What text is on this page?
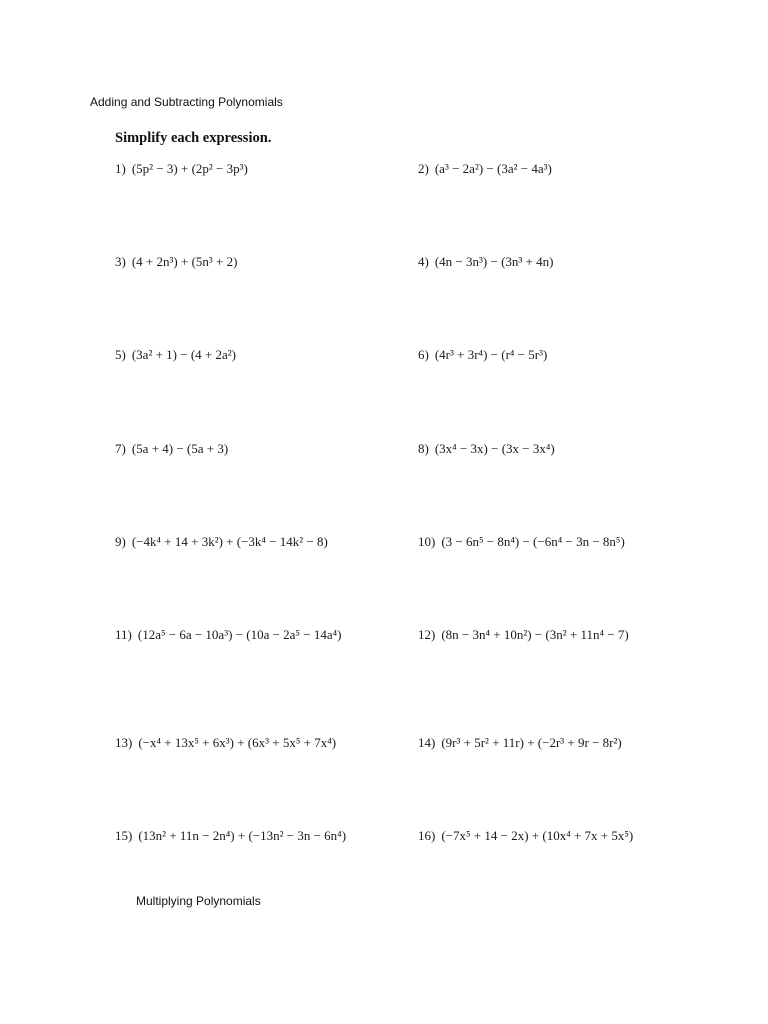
Adding and Subtracting Polynomials
Simplify each expression.
1) (5p² − 3) + (2p² − 3p³)	2) (a³ − 2a²) − (3a² − 4a³)
3) (4 + 2n³) + (5n³ + 2)	4) (4n − 3n³) − (3n³ + 4n)
5) (3a² + 1) − (4 + 2a²)	6) (4r³ + 3r⁴) − (r⁴ − 5r³)
7) (5a + 4) − (5a + 3)	8) (3x⁴ − 3x) − (3x − 3x⁴)
9) (−4k⁴ + 14 + 3k²) + (−3k⁴ − 14k² − 8)	10) (3 − 6n⁵ − 8n⁴) − (−6n⁴ − 3n − 8n⁵)
11) (12a⁵ − 6a − 10a³) − (10a − 2a⁵ − 14a⁴)	12) (8n − 3n⁴ + 10n²) − (3n² + 11n⁴ − 7)
13) (−x⁴ + 13x⁵ + 6x³) + (6x³ + 5x⁵ + 7x⁴)	14) (9r³ + 5r² + 11r) + (−2r³ + 9r − 8r²)
15) (13n² + 11n − 2n⁴) + (−13n² − 3n − 6n⁴)	16) (−7x⁵ + 14 − 2x) + (10x⁴ + 7x + 5x⁵)
Multiplying Polynomials
